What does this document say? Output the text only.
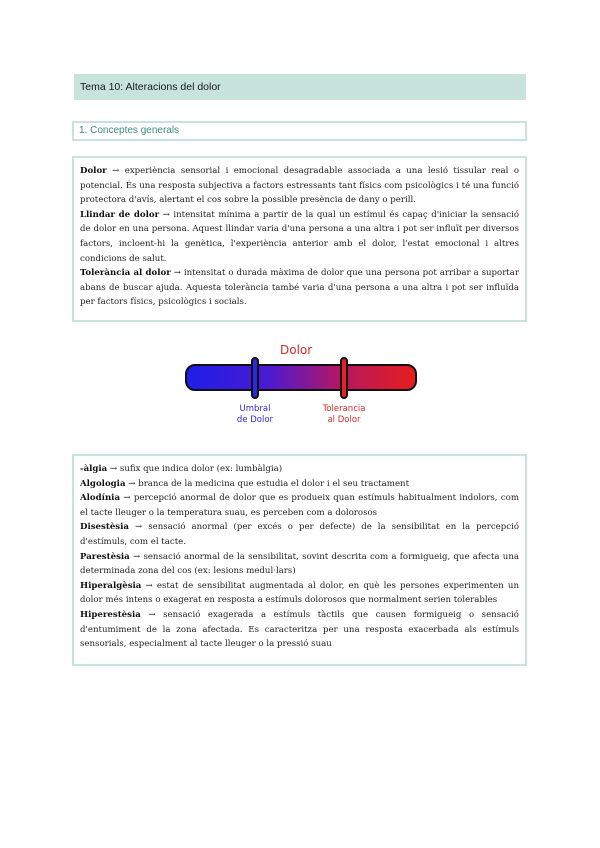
Tema 10: Alteracions del dolor
1. Conceptes generals

Dolor → experiència sensorial i emocional desagradable associada a una lesió tissular real o potencial. És una resposta subjectiva a factors estressants tant físics com psicològics i té una funció protectora d'avís, alertant el cos sobre la possible presència de dany o perill.

Llindar de dolor → intensitat mínima a partir de la qual un estímul és capaç d'iniciar la sensació de dolor en una persona. Aquest llindar varia d'una persona a una altra i pot ser influït per diversos factors, incloent-hi la genètica, l'experiència anterior amb el dolor, l'estat emocional i altres condicions de salut.

Tolerància al dolor → intensitat o durada màxima de dolor que una persona pot arribar a suportar abans de buscar ajuda. Aquesta tolerància també varia d'una persona a una altra i pot ser influïda per factors físics, psicològics i socials.

Dolor
Umbral
de Dolor
Tolerancia
al Dolor

-àlgia → sufix que indica dolor (ex: lumbàlgia)

Algologia → branca de la medicina que estudia el dolor i el seu tractament

Alodínia → percepció anormal de dolor que es produeix quan estímuls habitualment indolors, com el tacte lleuger o la temperatura suau, es perceben com a dolorosos

Disestèsia → sensació anormal (per excés o per defecte) de la sensibilitat en la percepció d'estímuls, com el tacte.

Parestèsia → sensació anormal de la sensibilitat, sovint descrita com a formigueig, que afecta una determinada zona del cos (ex: lesions medul·lars)

Hiperalgèsia → estat de sensibilitat augmentada al dolor, en què les persones experimenten un dolor més intens o exagerat en resposta a estímuls dolorosos que normalment serien tolerables

Hiperestèsia → sensació exagerada a estímuls tàctils que causen formigueig o sensació d'entumiment de la zona afectada. Es caracteritza per una resposta exacerbada als estímuls sensorials, especialment al tacte lleuger o la pressió suau
